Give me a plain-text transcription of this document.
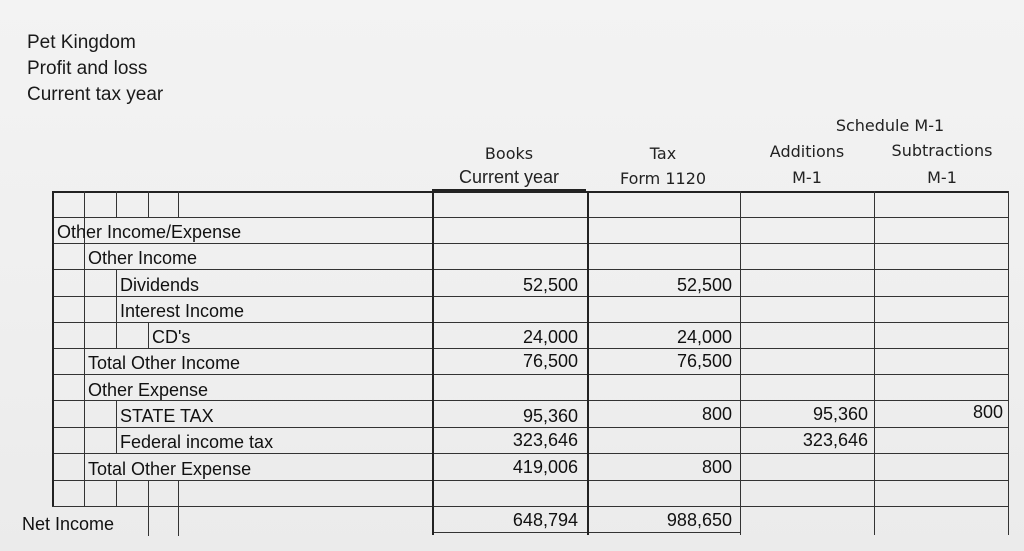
Pet Kingdom
Profit and loss
Current tax year
Schedule M-1
Books
Current year
Tax
Form 1120
Additions
M-1
Subtractions
M-1
Other Income/Expense
Other Income
Dividends
Interest Income
CD's
Total Other Income
Other Expense
STATE TAX
Federal income tax
Total Other Expense
52,500
24,000
76,500
95,360
323,646
419,006
52,500
24,000
76,500
800
800
95,360
323,646
800
Net Income	648,794	988,650
